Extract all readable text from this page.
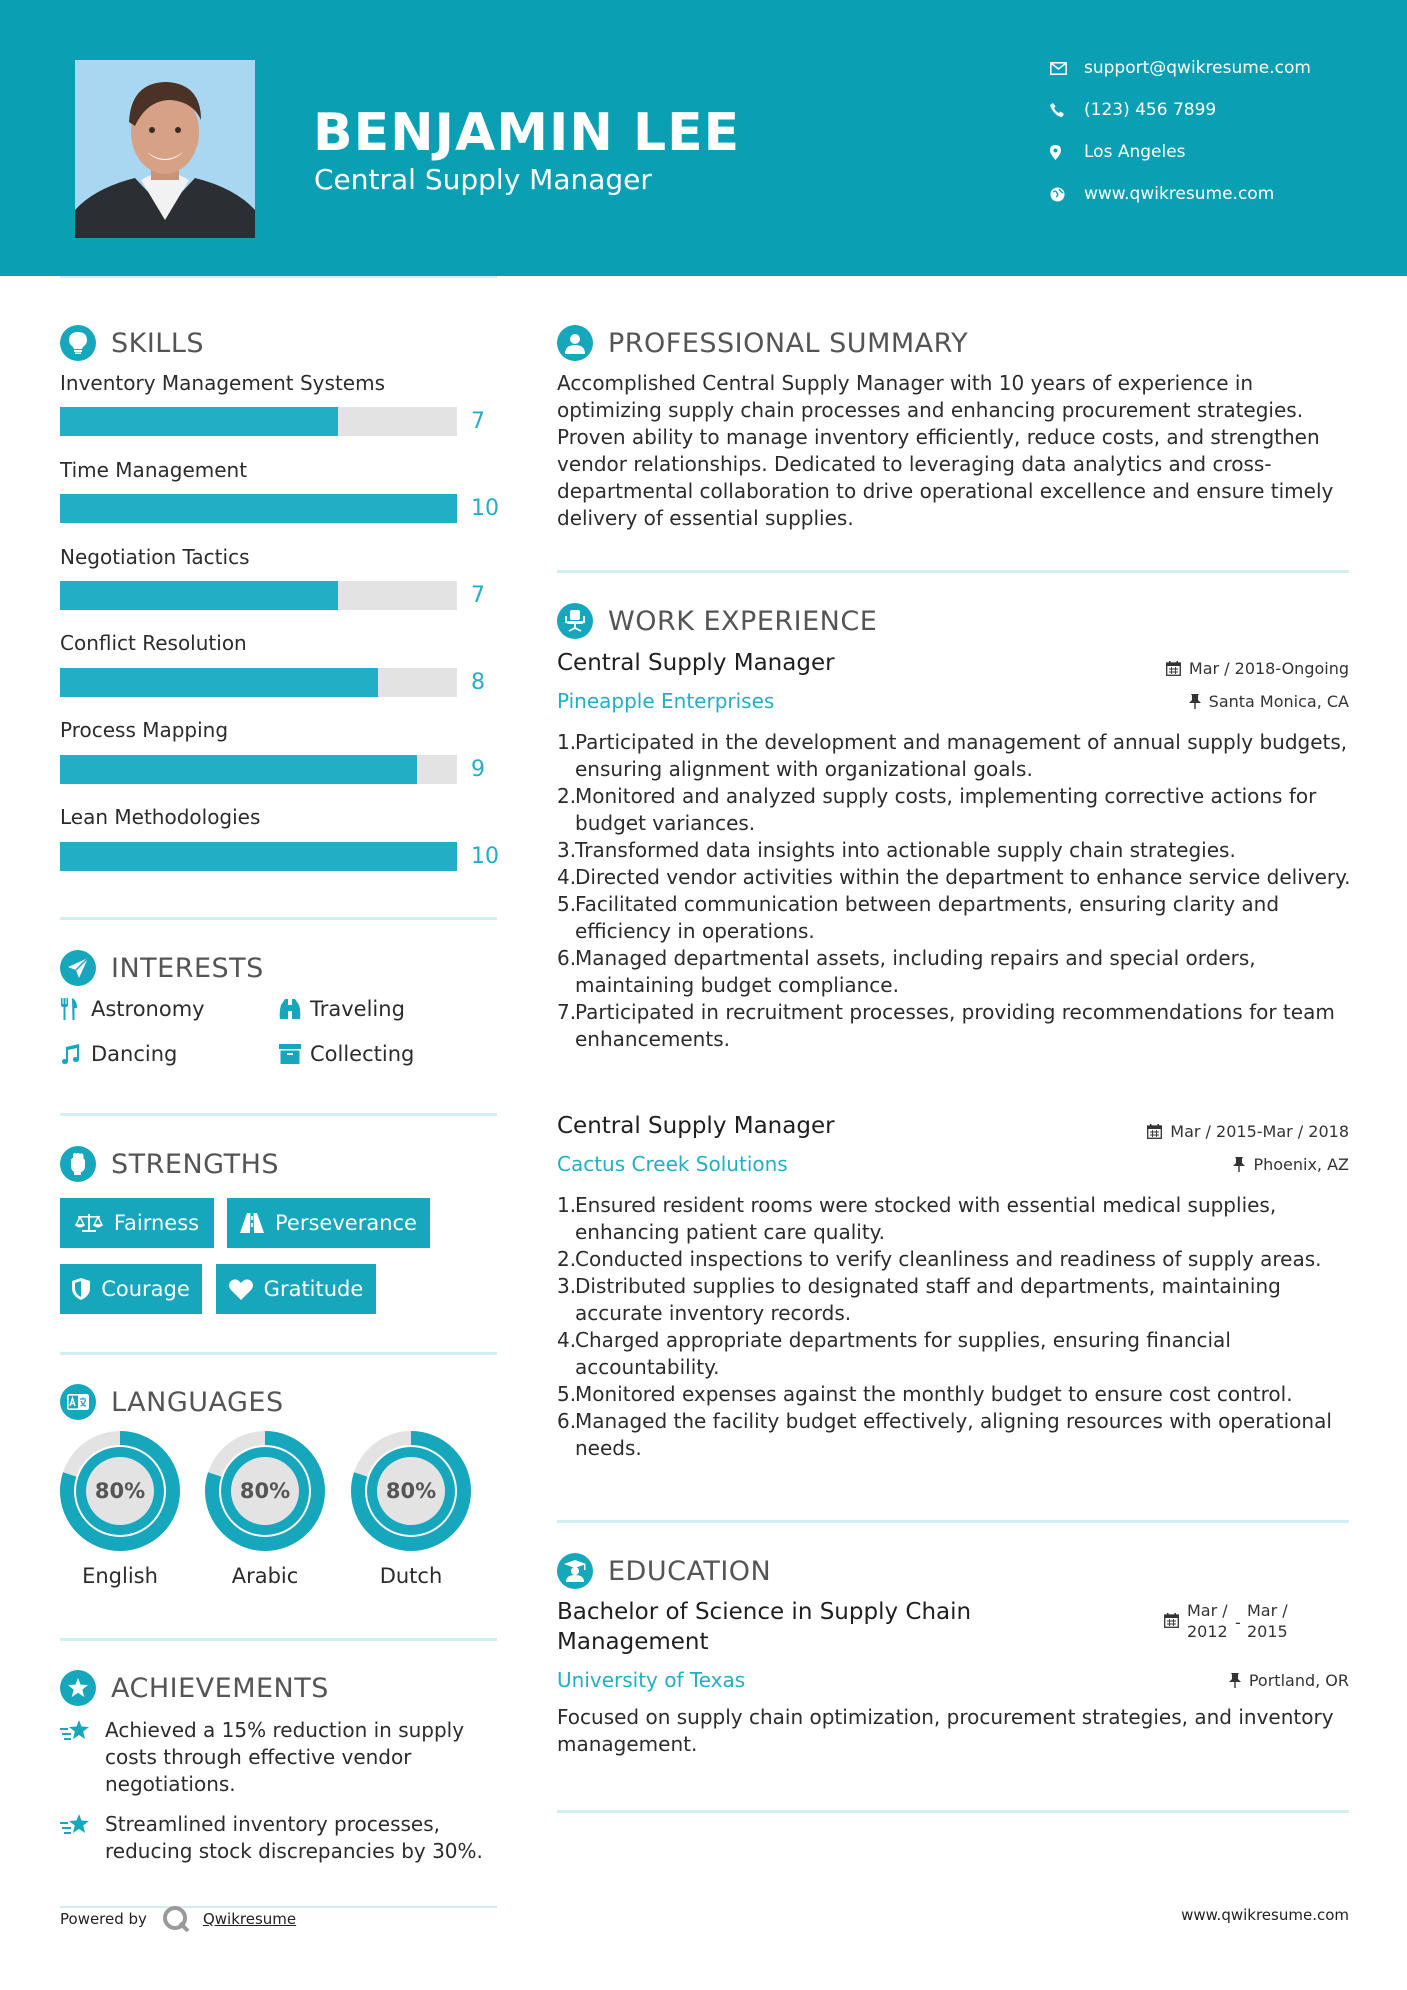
BENJAMIN LEE
Central Supply Manager
support@qwikresume.com
(123) 456 7899
Los Angeles
www.qwikresume.com
SKILLS
Inventory Management Systems
7
Time Management
10
Negotiation Tactics
7
Conflict Resolution
8
Process Mapping
9
Lean Methodologies
10
INTERESTS
Astronomy	Traveling
Dancing	Collecting
STRENGTHS
Fairness	Perseverance
Courage	Gratitude
LANGUAGES
80%
English
80%
Arabic
80%
Dutch
ACHIEVEMENTS
Achieved a 15% reduction in supply costs through effective vendor negotiations.
Streamlined inventory processes, reducing stock discrepancies by 30%.
PROFESSIONAL SUMMARY
Accomplished Central Supply Manager with 10 years of experience in optimizing supply chain processes and enhancing procurement strategies. Proven ability to manage inventory efficiently, reduce costs, and strengthen vendor relationships. Dedicated to leveraging data analytics and cross-departmental collaboration to drive operational excellence and ensure timely delivery of essential supplies.
WORK EXPERIENCE
Central Supply Manager	Mar / 2018-Ongoing
Pineapple Enterprises	Santa Monica, CA
1.
Participated in the development and management of annual supply budgets, ensuring alignment with organizational goals.
2.
Monitored and analyzed supply costs, implementing corrective actions for budget variances.
3.
Transformed data insights into actionable supply chain strategies.
4.
Directed vendor activities within the department to enhance service delivery.
5.
Facilitated communication between departments, ensuring clarity and efficiency in operations.
6.
Managed departmental assets, including repairs and special orders, maintaining budget compliance.
7.
Participated in recruitment processes, providing recommendations for team enhancements.
Central Supply Manager	Mar / 2015-Mar / 2018
Cactus Creek Solutions	Phoenix, AZ
1.
Ensured resident rooms were stocked with essential medical supplies, enhancing patient care quality.
2.
Conducted inspections to verify cleanliness and readiness of supply areas.
3.
Distributed supplies to designated staff and departments, maintaining accurate inventory records.
4.
Charged appropriate departments for supplies, ensuring financial accountability.
5.
Monitored expenses against the monthly budget to ensure cost control.
6.
Managed the facility budget effectively, aligning resources with operational needs.
EDUCATION
Bachelor of Science in Supply Chain
Management
Mar /
2012 -
Mar /
2015
University of Texas	Portland, OR
Focused on supply chain optimization, procurement strategies, and inventory management.
Powered by	Qwikresume	www.qwikresume.com
